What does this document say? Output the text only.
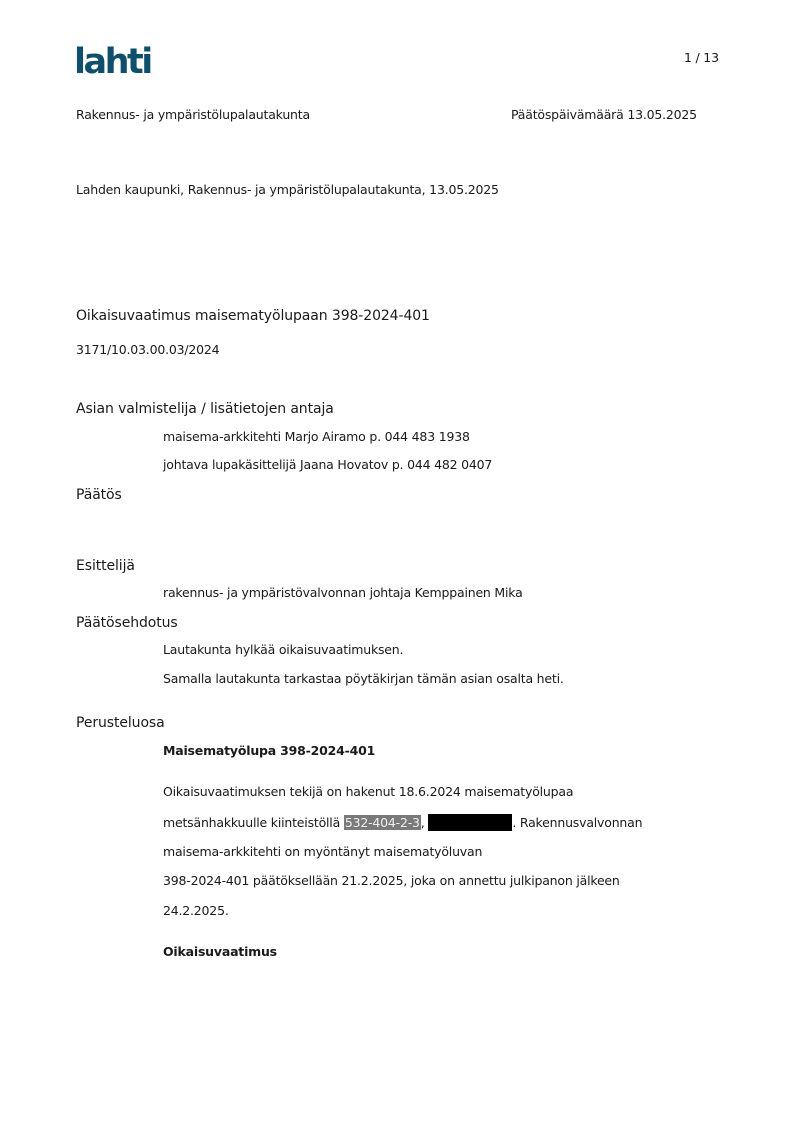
lahti	1 / 13
Rakennus- ja ympäristölupalautakunta	Päätöspäivämäärä 13.05.2025
Lahden kaupunki, Rakennus- ja ympäristölupalautakunta, 13.05.2025
Oikaisuvaatimus maisematyölupaan 398-2024-401
3171/10.03.00.03/2024
Asian valmistelija / lisätietojen antaja
maisema-arkkitehti Marjo Airamo p. 044 483 1938
johtava lupakäsittelijä Jaana Hovatov p. 044 482 0407
Päätös
Esittelijä
rakennus- ja ympäristövalvonnan johtaja Kemppainen Mika
Päätösehdotus
Lautakunta hylkää oikaisuvaatimuksen.
Samalla lautakunta tarkastaa pöytäkirjan tämän asian osalta heti.
Perusteluosa
Maisematyölupa 398-2024-401
Oikaisuvaatimuksen tekijä on hakenut 18.6.2024 maisematyölupaa
metsänhakkuulle kiinteistöllä 532-404-2-3,	. Rakennusvalvonnan
maisema-arkkitehti on myöntänyt maisematyöluvan
398-2024-401 päätöksellään 21.2.2025, joka on annettu julkipanon jälkeen
24.2.2025.
Oikaisuvaatimus
